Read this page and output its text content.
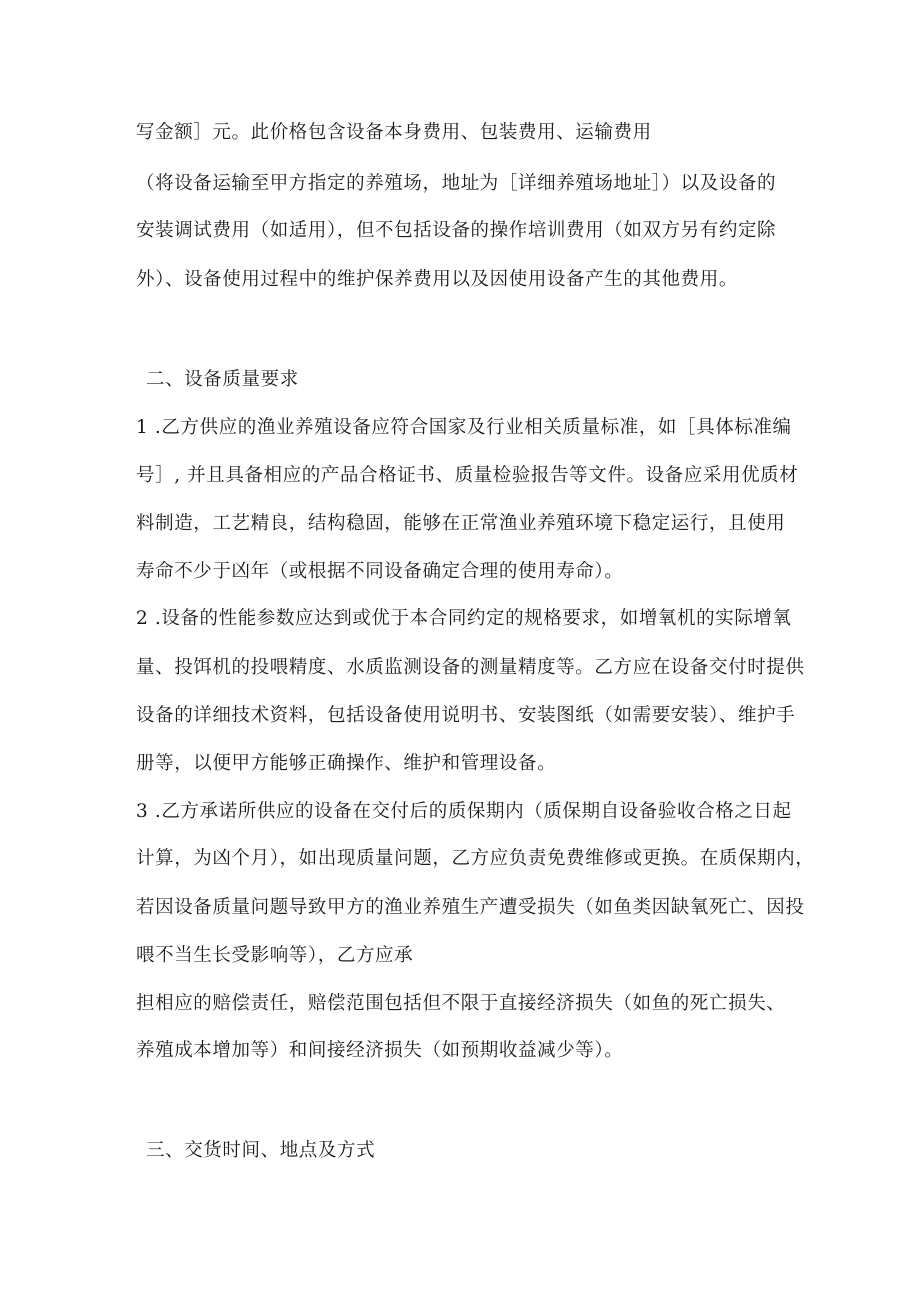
写金额］元。此价格包含设备本身费用、包装费用、运输费用
（将设备运输至甲方指定的养殖场，地址为［详细养殖场地址］）以及设备的
安装调试费用（如适用），但不包括设备的操作培训费用（如双方另有约定除
外）、设备使用过程中的维护保养费用以及因使用设备产生的其他费用。
二、设备质量要求
1 .乙方供应的渔业养殖设备应符合国家及行业相关质量标准，如［具体标准编
号］, 并且具备相应的产品合格证书、质量检验报告等文件。设备应采用优质材
料制造，工艺精良，结构稳固，能够在正常渔业养殖环境下稳定运行，且使用
寿命不少于凶年（或根据不同设备确定合理的使用寿命）。
2 .设备的性能参数应达到或优于本合同约定的规格要求，如增氧机的实际增氧
量、投饵机的投喂精度、水质监测设备的测量精度等。乙方应在设备交付时提供
设备的详细技术资料，包括设备使用说明书、安装图纸（如需要安装）、维护手
册等，以便甲方能够正确操作、维护和管理设备。
3 .乙方承诺所供应的设备在交付后的质保期内（质保期自设备验收合格之日起
计算，为凶个月），如出现质量问题，乙方应负责免费维修或更换。在质保期内，
若因设备质量问题导致甲方的渔业养殖生产遭受损失（如鱼类因缺氧死亡、因投
喂不当生长受影响等），乙方应承
担相应的赔偿责任，赔偿范围包括但不限于直接经济损失（如鱼的死亡损失、
养殖成本增加等）和间接经济损失（如预期收益减少等）。
三、交货时间、地点及方式
